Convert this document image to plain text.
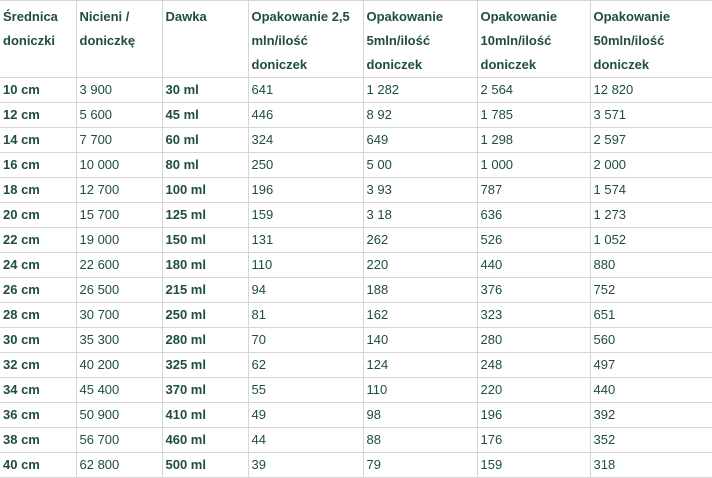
Średnica doniczki	Nicieni / doniczkę	Dawka	Opakowanie 2,5 mln/ilość doniczek	Opakowanie 5mln/ilość doniczek	Opakowanie 10mln/ilość doniczek	Opakowanie 50mln/ilość doniczek
10 cm	3 900	30 ml	641	1 282	2 564	12 820
12 cm	5 600	45 ml	446	8 92	1 785	3 571
14 cm	7 700	60 ml	324	649	1 298	2 597
16 cm	10 000	80 ml	250	5 00	1 000	2 000
18 cm	12 700	100 ml	196	3 93	787	1 574
20 cm	15 700	125 ml	159	3 18	636	1 273
22 cm	19 000	150 ml	131	262	526	1 052
24 cm	22 600	180 ml	110	220	440	880
26 cm	26 500	215 ml	94	188	376	752
28 cm	30 700	250 ml	81	162	323	651
30 cm	35 300	280 ml	70	140	280	560
32 cm	40 200	325 ml	62	124	248	497
34 cm	45 400	370 ml	55	110	220	440
36 cm	50 900	410 ml	49	98	196	392
38 cm	56 700	460 ml	44	88	176	352
40 cm	62 800	500 ml	39	79	159	318
